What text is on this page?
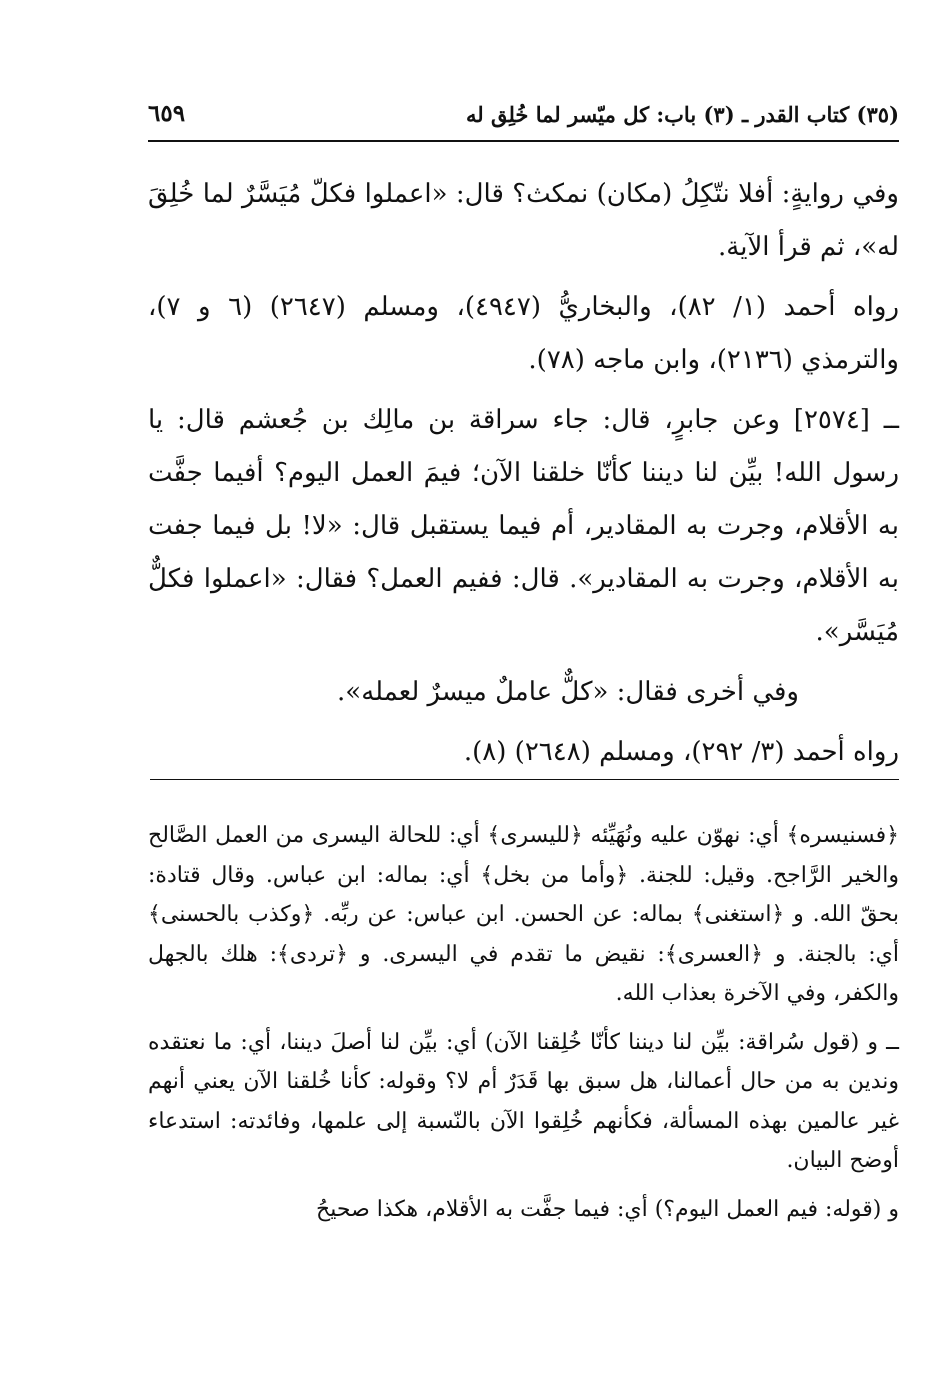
(٣٥) كتاب القدر ـ (٣) باب: كل ميّسر لما خُلِق له
٦٥٩

وفي روايةٍ: أفلا نتّكِلُ (مكان) نمكث؟ قال: «اعملوا فكلّ مُيَسَّرٌ لما خُلِقَ له»، ثم قرأ الآية.

رواه أحمد (١/ ٨٢)، والبخاريُّ (٤٩٤٧)، ومسلم (٢٦٤٧) (٦ و ٧)، والترمذي (٢١٣٦)، وابن ماجه (٧٨).

ــ [٢٥٧٤] وعن جابرٍ، قال: جاء سراقة بن مالِك بن جُعشم قال: يا رسول الله! بيِّن لنا ديننا كأنّا خلقنا الآن؛ فيمَ العمل اليوم؟ أفيما جفَّت به الأقلام، وجرت به المقادير، أم فيما يستقبل قال: «لا! بل فيما جفت به الأقلام، وجرت به المقادير». قال: ففيم العمل؟ فقال: «اعملوا فكلٌّ مُيَسَّر».

وفي أخرى فقال: «كلٌّ عاملٌ ميسرٌ لعمله».

رواه أحمد (٣/ ٢٩٢)، ومسلم (٢٦٤٨) (٨).

﴿فسنيسره﴾ أي: نهوّن عليه ونُهَيِّئه ﴿لليسرى﴾ أي: للحالة اليسرى من العمل الصَّالح والخير الرَّاجح. وقيل: للجنة. ﴿وأما من بخل﴾ أي: بماله: ابن عباس. وقال قتادة: بحقّ الله. و ﴿استغنى﴾ بماله: عن الحسن. ابن عباس: عن ربِّه. ﴿وكذب بالحسنى﴾ أي: بالجنة. و ﴿العسرى﴾: نقيض ما تقدم في اليسرى. و ﴿تردى﴾: هلك بالجهل والكفر، وفي الآخرة بعذاب الله.

ــ و (قول سُراقة: بيِّن لنا ديننا كأنّا خُلِقنا الآن) أي: بيِّن لنا أصلَ ديننا، أي: ما نعتقده وندين به من حال أعمالنا، هل سبق بها قَدَرٌ أم لا؟ وقوله: كأنا خُلقنا الآن يعني أنهم غير عالمين بهذه المسألة، فكأنهم خُلِقوا الآن بالنّسبة إلى علمها، وفائدته: استدعاء أوضح البيان.

و (قوله: فيم العمل اليوم؟) أي: فيما جفَّت به الأقلام، هكذا صحيحُ
